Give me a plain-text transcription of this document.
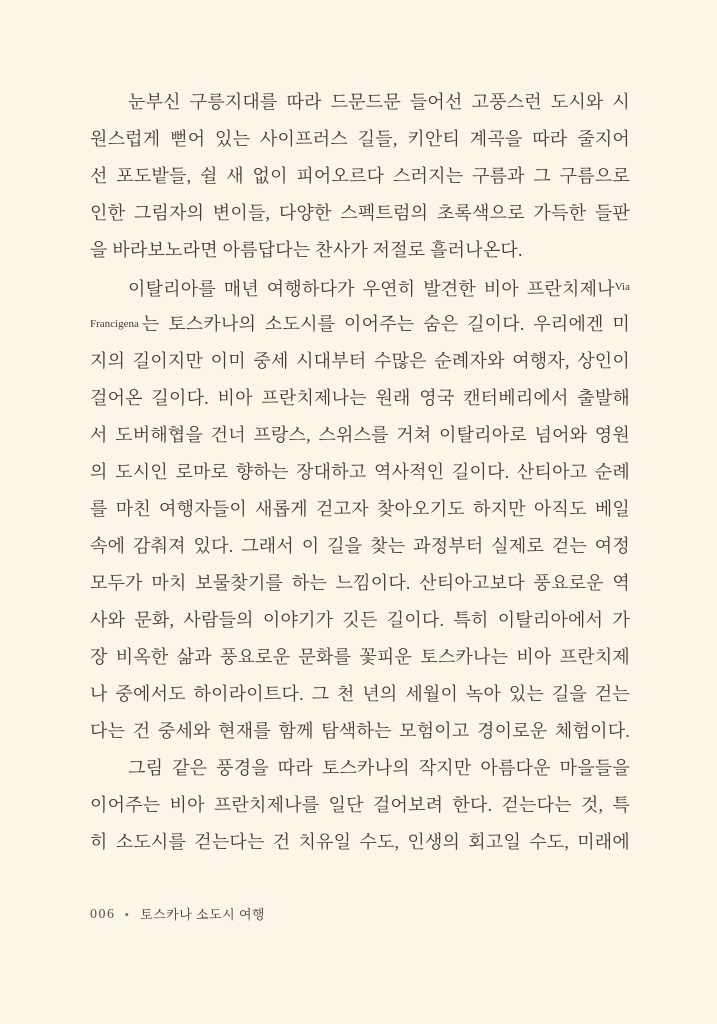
눈부신 구릉지대를 따라 드문드문 들어선 고풍스런 도시와 시
원스럽게 뻗어 있는 사이프러스 길들, 키안티 계곡을 따라 줄지어
선 포도밭들, 쉴 새 없이 피어오르다 스러지는 구름과 그 구름으로
인한 그림자의 변이들, 다양한 스펙트럼의 초록색으로 가득한 들판
을 바라보노라면 아름답다는 찬사가 저절로 흘러나온다.
이탈리아를 매년 여행하다가 우연히 발견한 비아 프란치제나$^{Via}$
$^{Francigena}$ 는 토스카나의 소도시를 이어주는 숨은 길이다. 우리에겐 미
지의 길이지만 이미 중세 시대부터 수많은 순례자와 여행자, 상인이
걸어온 길이다. 비아 프란치제나는 원래 영국 캔터베리에서 출발해
서 도버해협을 건너 프랑스, 스위스를 거쳐 이탈리아로 넘어와 영원
의 도시인 로마로 향하는 장대하고 역사적인 길이다. 산티아고 순례
를 마친 여행자들이 새롭게 걷고자 찾아오기도 하지만 아직도 베일
속에 감춰져 있다. 그래서 이 길을 찾는 과정부터 실제로 걷는 여정
모두가 마치 보물찾기를 하는 느낌이다. 산티아고보다 풍요로운 역
사와 문화, 사람들의 이야기가 깃든 길이다. 특히 이탈리아에서 가
장 비옥한 삶과 풍요로운 문화를 꽃피운 토스카나는 비아 프란치제
나 중에서도 하이라이트다. 그 천 년의 세월이 녹아 있는 길을 걷는
다는 건 중세와 현재를 함께 탐색하는 모험이고 경이로운 체험이다.
그림 같은 풍경을 따라 토스카나의 작지만 아름다운 마을들을
이어주는 비아 프란치제나를 일단 걸어보려 한다. 걷는다는 것, 특
히 소도시를 걷는다는 건 치유일 수도, 인생의 회고일 수도, 미래에
006 • 토스카나 소도시 여행
